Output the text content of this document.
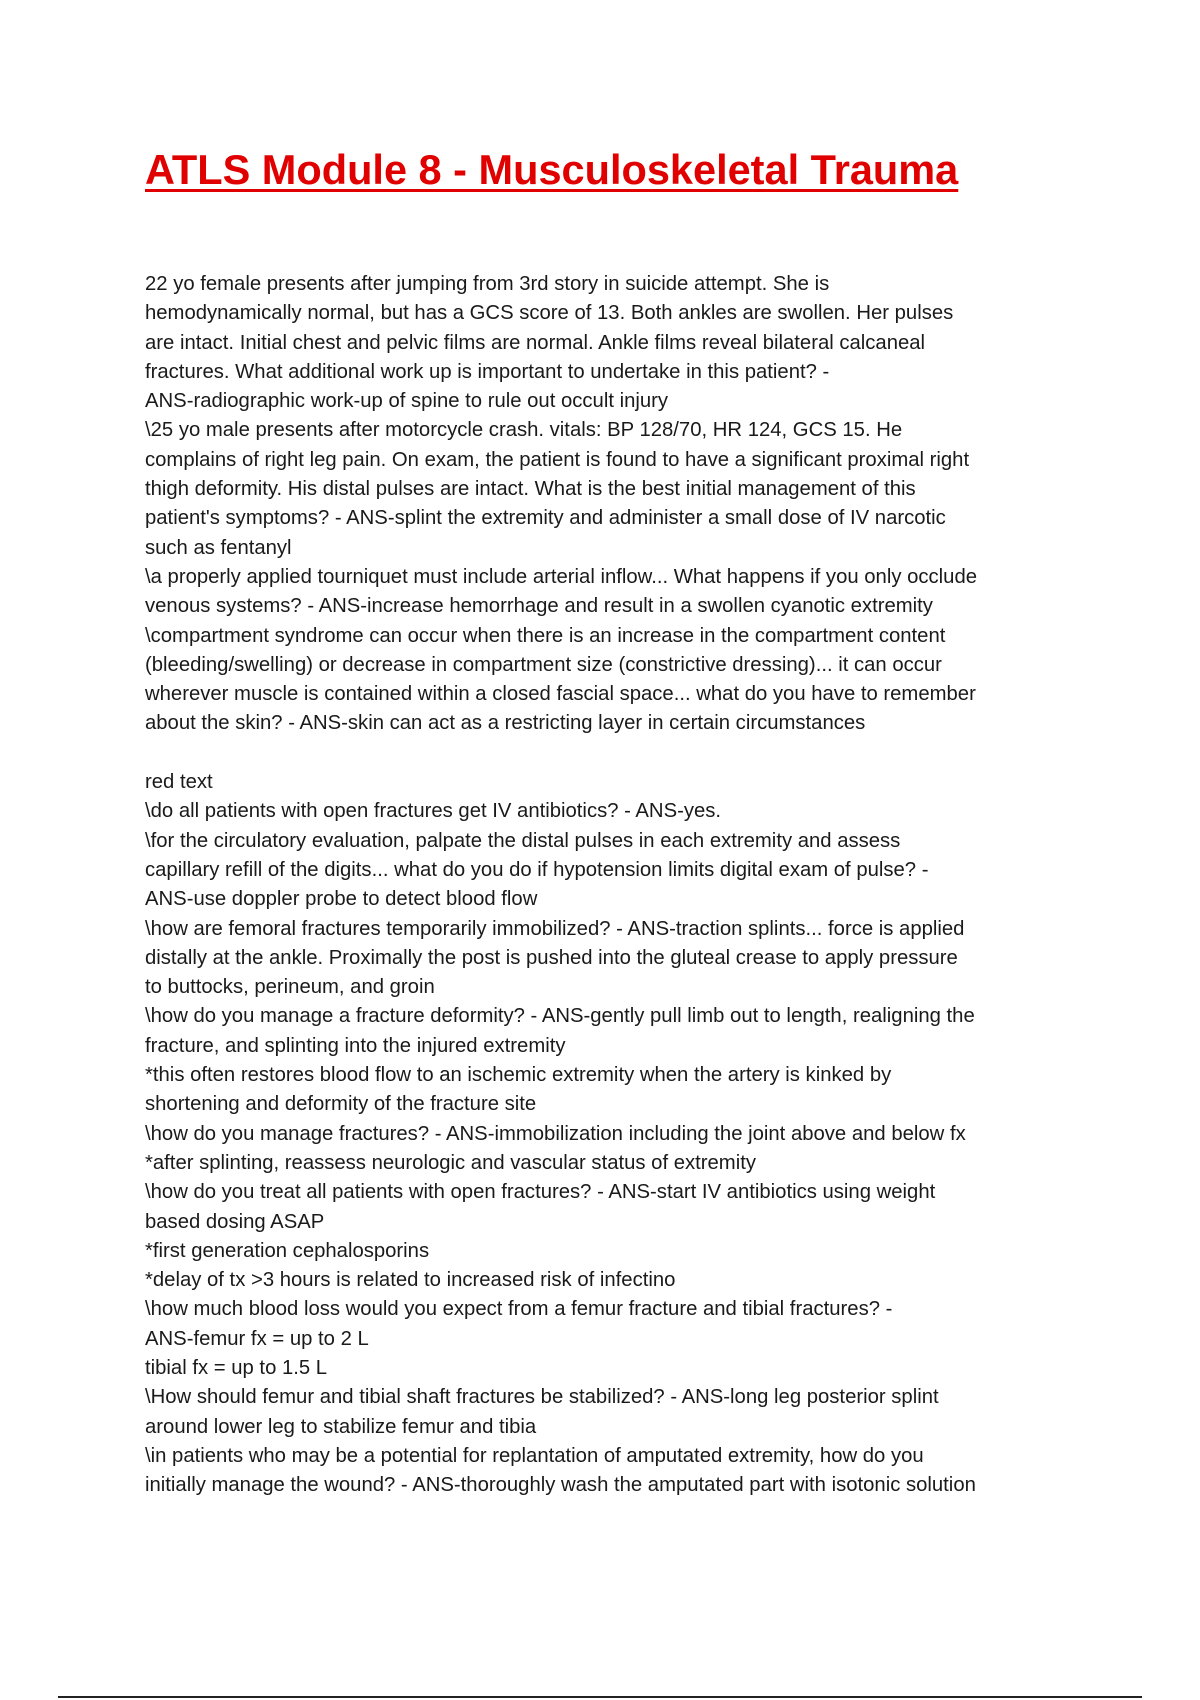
ATLS Module 8 - Musculoskeletal Trauma
22 yo female presents after jumping from 3rd story in suicide attempt. She is
hemodynamically normal, but has a GCS score of 13. Both ankles are swollen. Her pulses
are intact. Initial chest and pelvic films are normal. Ankle films reveal bilateral calcaneal
fractures. What additional work up is important to undertake in this patient? -
ANS-radiographic work-up of spine to rule out occult injury
\25 yo male presents after motorcycle crash. vitals: BP 128/70, HR 124, GCS 15. He
complains of right leg pain. On exam, the patient is found to have a significant proximal right
thigh deformity. His distal pulses are intact. What is the best initial management of this
patient's symptoms? - ANS-splint the extremity and administer a small dose of IV narcotic
such as fentanyl
\a properly applied tourniquet must include arterial inflow... What happens if you only occlude
venous systems? - ANS-increase hemorrhage and result in a swollen cyanotic extremity
\compartment syndrome can occur when there is an increase in the compartment content
(bleeding/swelling) or decrease in compartment size (constrictive dressing)... it can occur
wherever muscle is contained within a closed fascial space... what do you have to remember
about the skin? - ANS-skin can act as a restricting layer in certain circumstances
red text
\do all patients with open fractures get IV antibiotics? - ANS-yes.
\for the circulatory evaluation, palpate the distal pulses in each extremity and assess
capillary refill of the digits... what do you do if hypotension limits digital exam of pulse? -
ANS-use doppler probe to detect blood flow
\how are femoral fractures temporarily immobilized? - ANS-traction splints... force is applied
distally at the ankle. Proximally the post is pushed into the gluteal crease to apply pressure
to buttocks, perineum, and groin
\how do you manage a fracture deformity? - ANS-gently pull limb out to length, realigning the
fracture, and splinting into the injured extremity
*this often restores blood flow to an ischemic extremity when the artery is kinked by
shortening and deformity of the fracture site
\how do you manage fractures? - ANS-immobilization including the joint above and below fx
*after splinting, reassess neurologic and vascular status of extremity
\how do you treat all patients with open fractures? - ANS-start IV antibiotics using weight
based dosing ASAP
*first generation cephalosporins
*delay of tx >3 hours is related to increased risk of infectino
\how much blood loss would you expect from a femur fracture and tibial fractures? -
ANS-femur fx = up to 2 L
tibial fx = up to 1.5 L
\How should femur and tibial shaft fractures be stabilized? - ANS-long leg posterior splint
around lower leg to stabilize femur and tibia
\in patients who may be a potential for replantation of amputated extremity, how do you
initially manage the wound? - ANS-thoroughly wash the amputated part with isotonic solution
